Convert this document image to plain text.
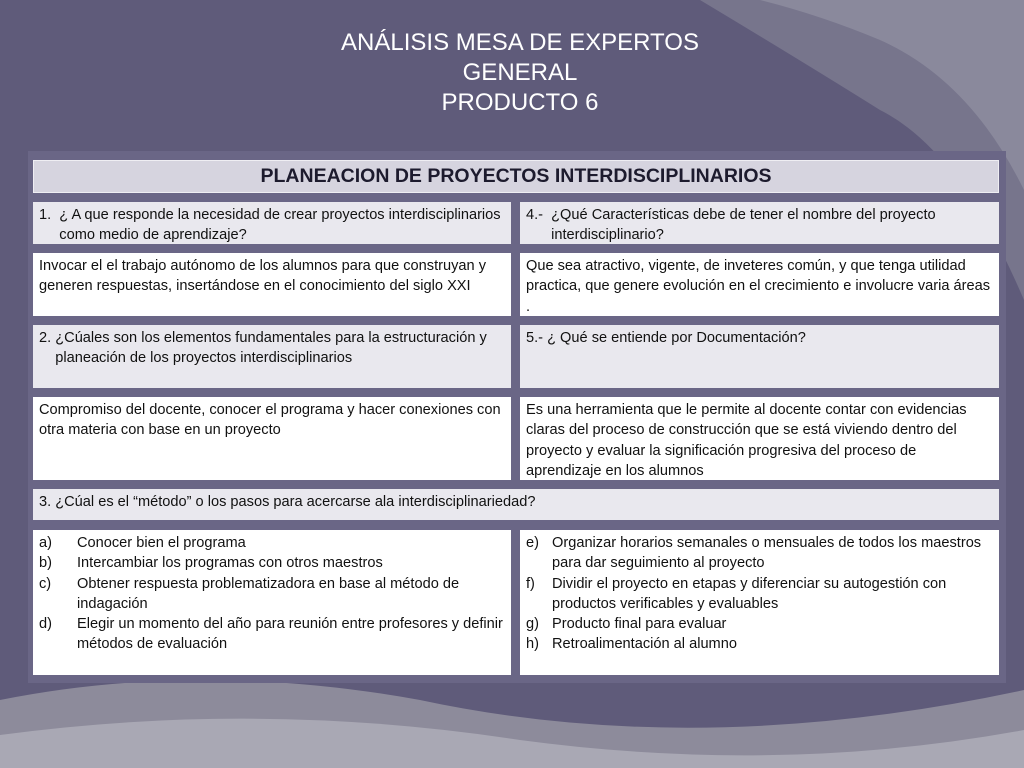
ANÁLISIS MESA DE EXPERTOS
GENERAL
PRODUCTO 6
PLANEACION DE PROYECTOS INTERDISCIPLINARIOS
1. ¿ A que responde la necesidad de crear proyectos interdisciplinarios como medio de aprendizaje?
4.- ¿Qué Características debe de tener el nombre del proyecto interdisciplinario?
Invocar el el trabajo autónomo de los alumnos para que construyan y generen respuestas, insertándose en el conocimiento del siglo XXI
Que sea atractivo, vigente, de inveteres común, y que tenga utilidad practica, que genere evolución en el crecimiento e involucre varia áreas .
2. ¿Cúales son los elementos fundamentales para la estructuración y planeación de los proyectos interdisciplinarios
5.- ¿ Qué se entiende por Documentación?
Compromiso del docente, conocer el programa y hacer conexiones con otra materia con base en un proyecto
Es una herramienta que le permite al docente contar con evidencias claras del proceso de construcción que se está viviendo dentro del proyecto y evaluar la significación progresiva del proceso de aprendizaje en los alumnos
3. ¿Cúal es el “método” o los pasos para acercarse ala interdisciplinariedad?
a)	Conocer bien el programa
b)	Intercambiar los programas con otros maestros
c)	Obtener respuesta problematizadora en base al método de indagación
d)	Elegir un momento del año para reunión entre profesores y definir métodos de evaluación
e) Organizar horarios semanales o mensuales de todos los maestros para dar seguimiento al proyecto
f)	Dividir el proyecto en etapas y diferenciar su autogestión con productos verificables y evaluables
g) Producto final para evaluar
h) Retroalimentación al alumno
